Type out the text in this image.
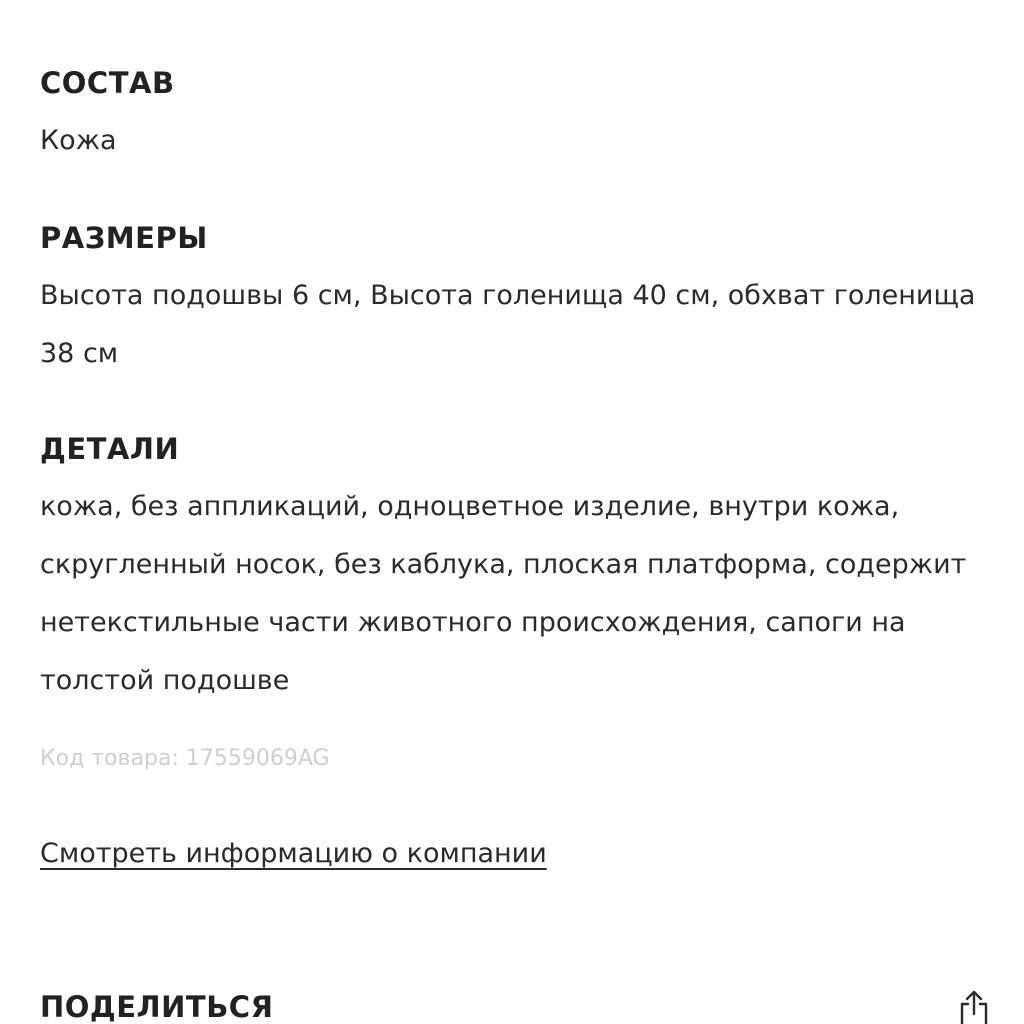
СОСТАВ

Кожа

РАЗМЕРЫ

Высота подошвы 6 см, Высота голенища 40 см, обхват голенища 38 см

ДЕТАЛИ

кожа, без аппликаций, одноцветное изделие, внутри кожа, скругленный носок, без каблука, плоская платформа, содержит нетекстильные части животного происхождения, сапоги на толстой подошве

Код товара: 17559069AG

Смотреть информацию о компании
ПОДЕЛИТЬСЯ
